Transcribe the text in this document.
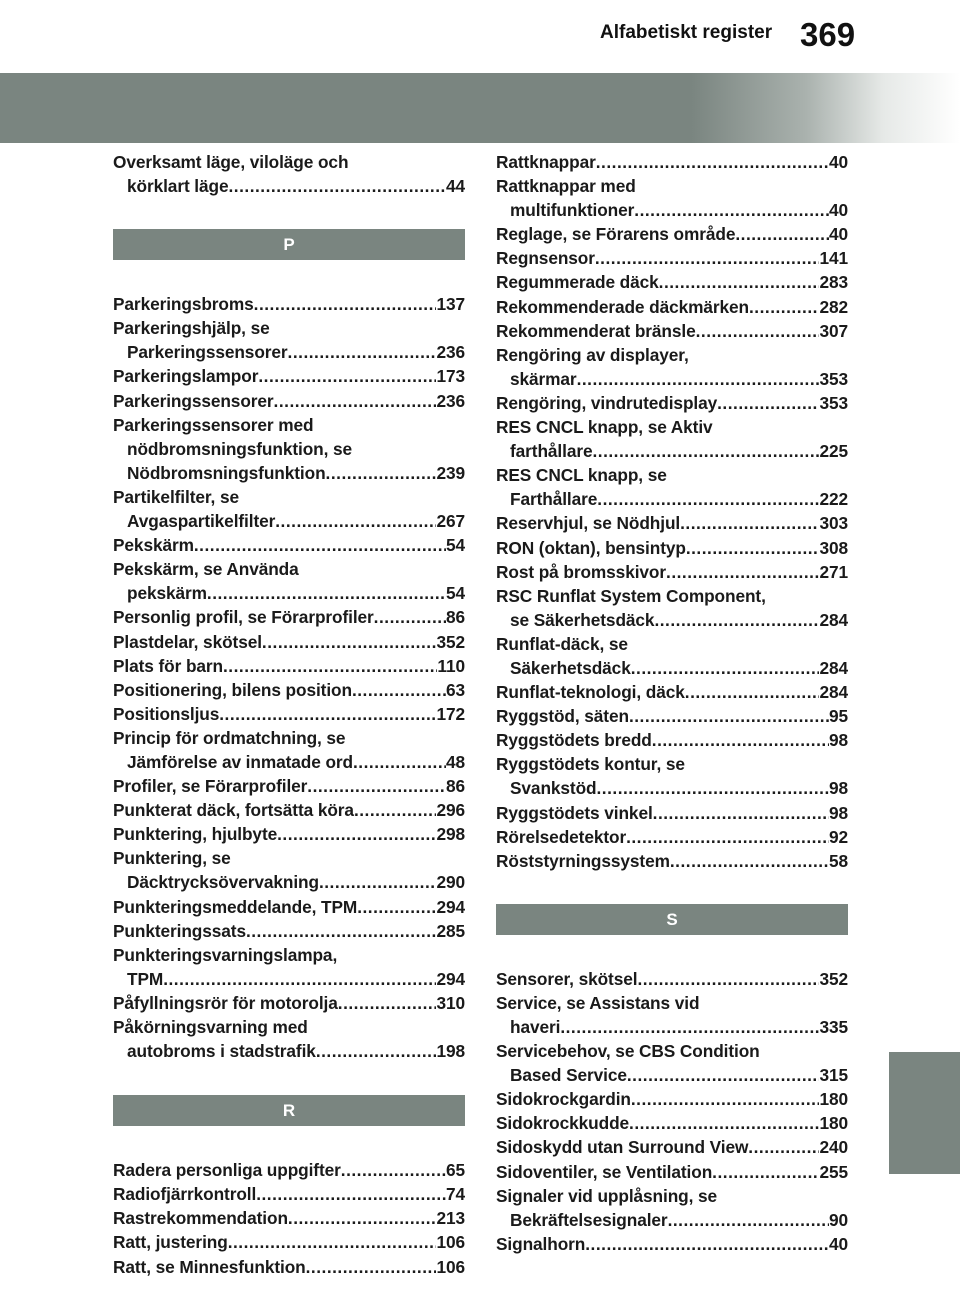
Alfabetiskt register 369
Overksamt läge, viloläge och
körklart läge .....	44
P
Parkeringsbroms .....	137
Parkeringshjälp, se
Parkeringssensorer .....	236
Parkeringslampor .....	173
Parkeringssensorer .....	236
Parkeringssensorer med
nödbromsningsfunktion, se
Nödbromsningsfunktion .....	239
Partikelfilter, se
Avgaspartikelfilter .....	267
Pekskärm .....	54
Pekskärm, se Använda
pekskärm .....	54
Personlig profil, se Förarprofiler .....	86
Plastdelar, skötsel .....	352
Plats för barn .....	110
Positionering, bilens position .....	63
Positionsljus .....	172
Princip för ordmatchning, se
Jämförelse av inmatade ord .....	48
Profiler, se Förarprofiler .....	86
Punkterat däck, fortsätta köra .....	296
Punktering, hjulbyte .....	298
Punktering, se
Däcktrycksövervakning .....	290
Punkteringsmeddelande, TPM .....	294
Punkteringssats .....	285
Punkteringsvarningslampa,
TPM .....	294
Påfyllningsrör för motorolja .....	310
Påkörningsvarning med
autobroms i stadstrafik .....	198
R
Radera personliga uppgifter .....	65
Radiofjärrkontroll .....	74
Rastrekommendation .....	213
Ratt, justering .....	106
Ratt, se Minnesfunktion .....	106
Rattknappar .....	40
Rattknappar med
multifunktioner .....	40
Reglage, se Förarens område .....	40
Regnsensor .....	141
Regummerade däck .....	283
Rekommenderade däckmärken .....	282
Rekommenderat bränsle .....	307
Rengöring av displayer,
skärmar .....	353
Rengöring, vindrutedisplay .....	353
RES CNCL knapp, se Aktiv
farthållare .....	225
RES CNCL knapp, se
Farthållare .....	222
Reservhjul, se Nödhjul .....	303
RON (oktan), bensintyp .....	308
Rost på bromsskivor .....	271
RSC Runflat System Component,
se Säkerhetsdäck .....	284
Runflat-däck, se
Säkerhetsdäck .....	284
Runflat-teknologi, däck .....	284
Ryggstöd, säten .....	95
Ryggstödets bredd .....	98
Ryggstödets kontur, se
Svankstöd .....	98
Ryggstödets vinkel .....	98
Rörelsedetektor .....	92
Röststyrningssystem .....	58
S
Sensorer, skötsel .....	352
Service, se Assistans vid
haveri .....	335
Servicebehov, se CBS Condition
Based Service .....	315
Sidokrockgardin .....	180
Sidokrockkudde .....	180
Sidoskydd utan Surround View .....	240
Sidoventiler, se Ventilation .....	255
Signaler vid upplåsning, se
Bekräftelsesignaler .....	90
Signalhorn .....	40
